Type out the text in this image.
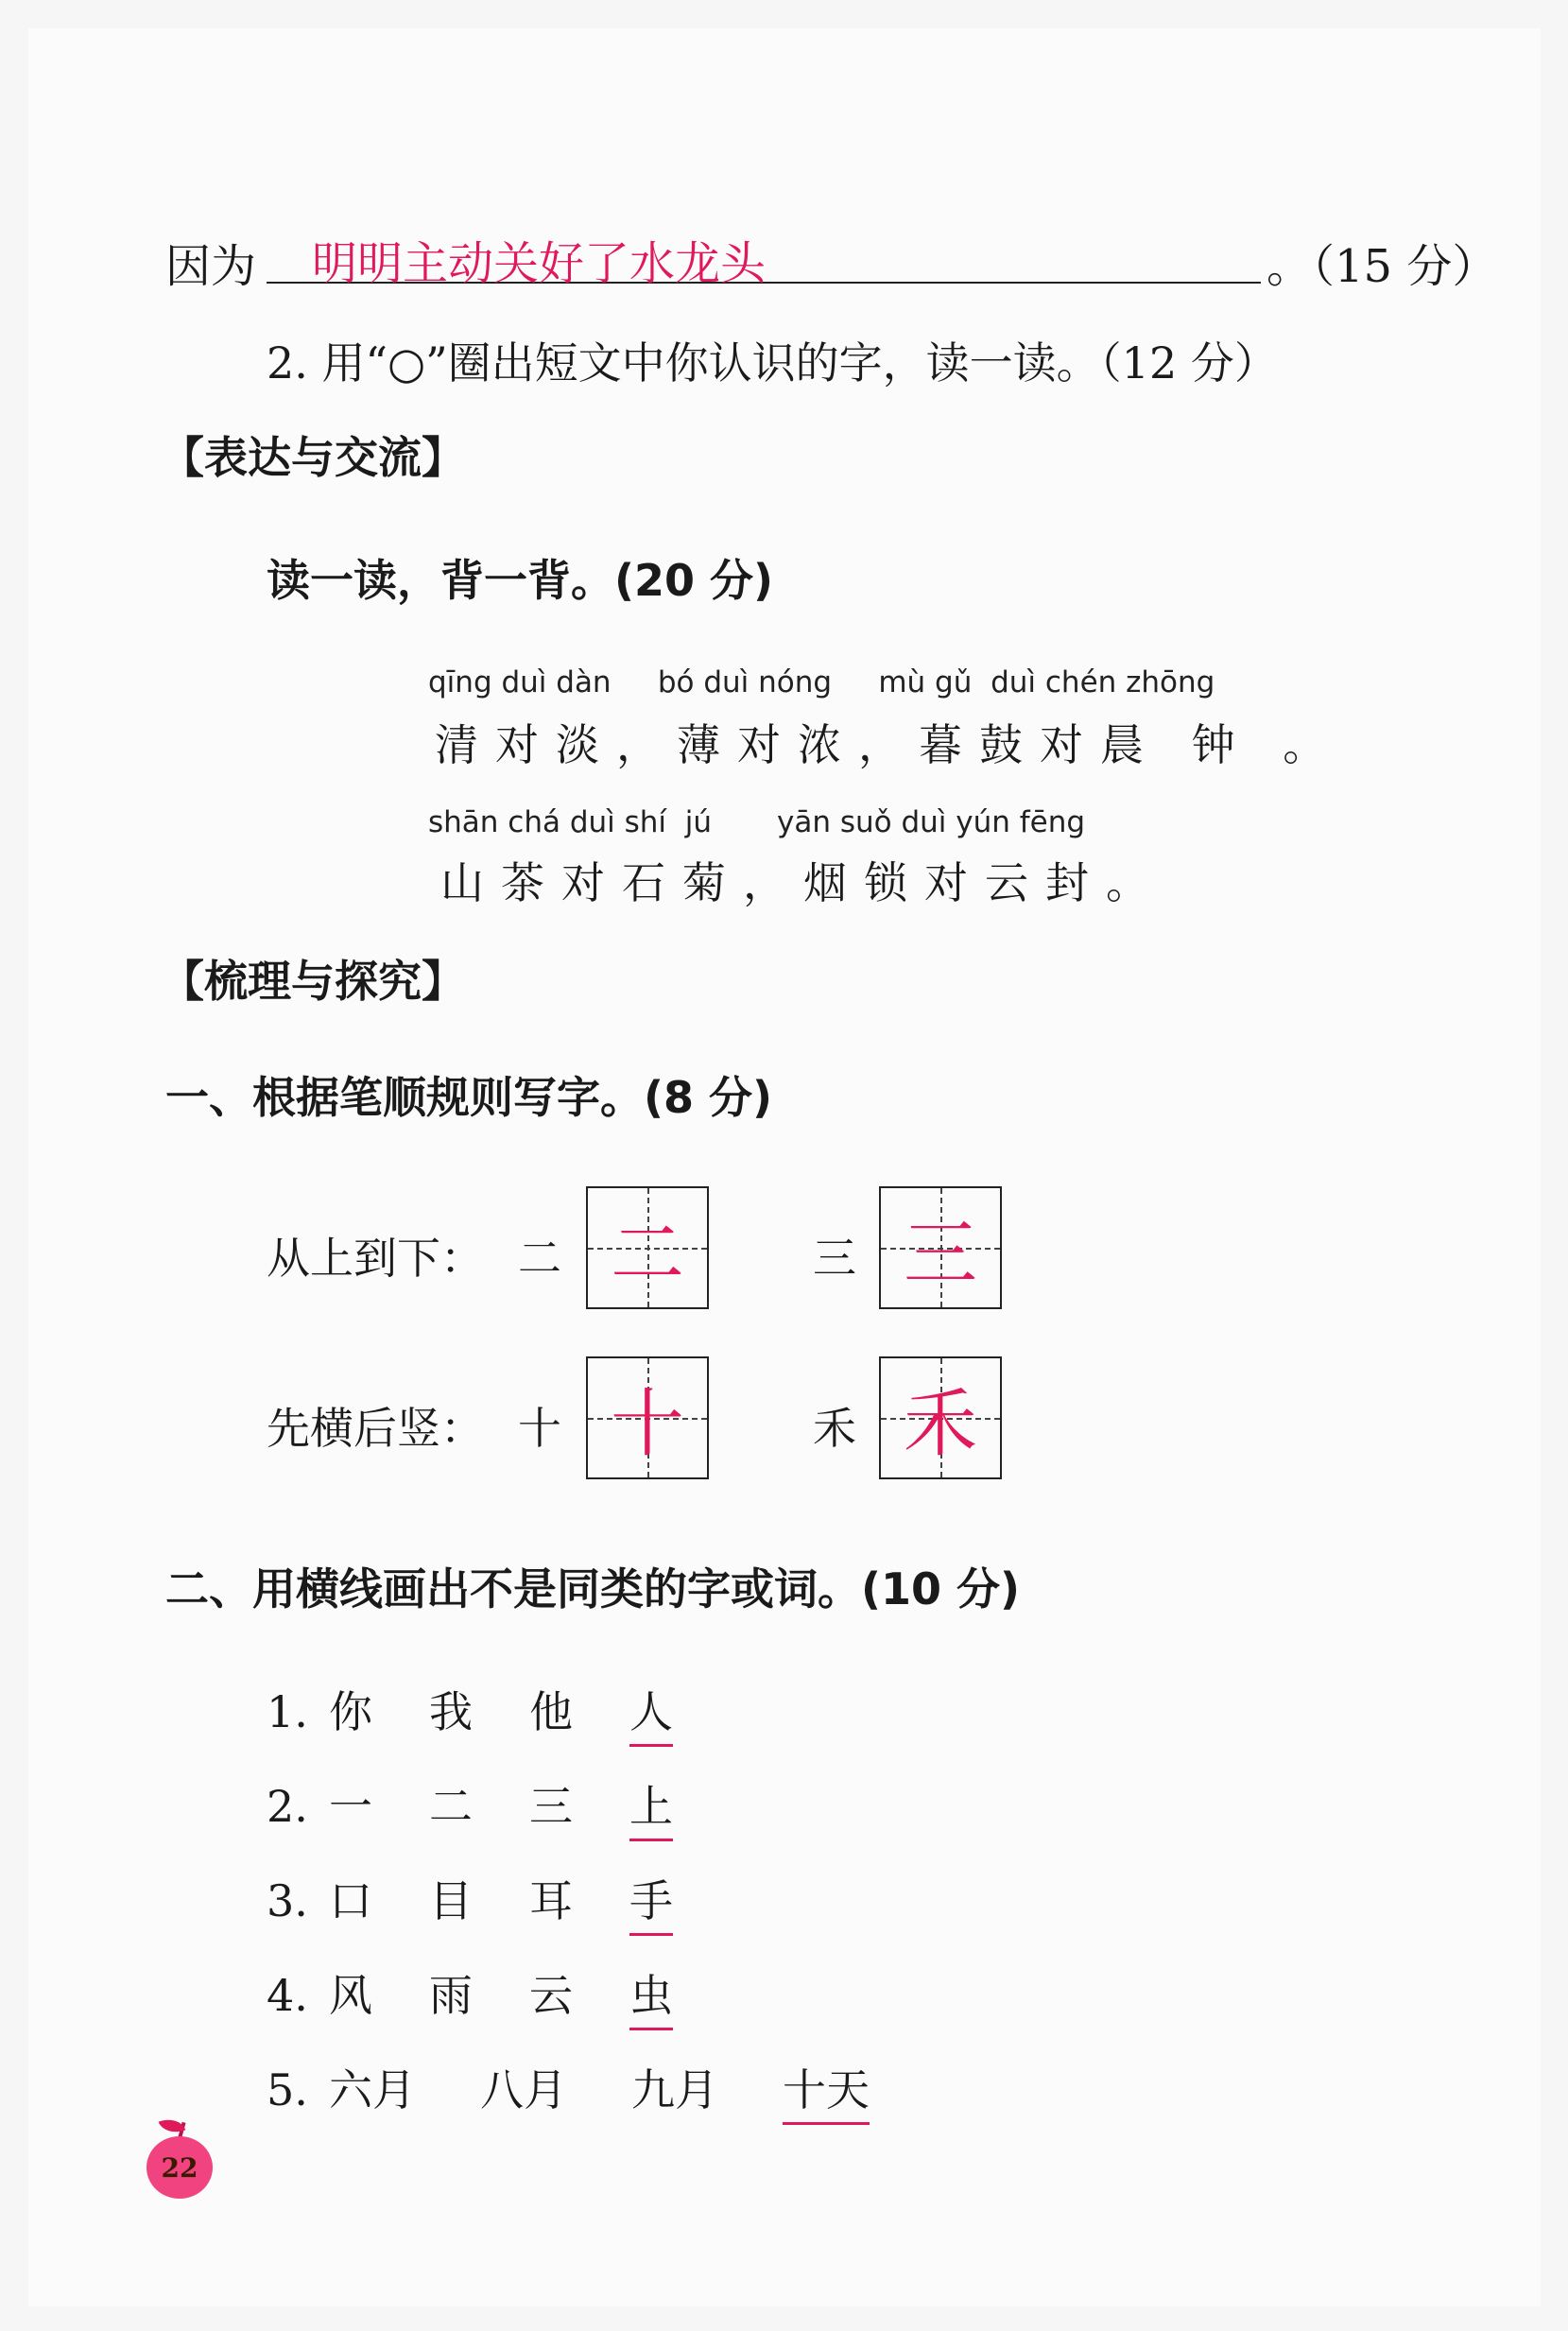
因为 明明主动关好了水龙头	。（15 分）
2. 用“○”圈出短文中你认识的字，读一读。（12 分）
【表达与交流】
读一读，背一背。(20 分)
qīng duì dàn     bó duì nóng     mù gǔ  duì chén zhōng
清对淡，薄对浓，暮鼓对晨 钟 。
shān chá duì shí  jú       yān suǒ duì yún fēng
山茶对石菊，烟锁对云封。
【梳理与探究】
一、根据笔顺规则写字。(8 分)
从上到下： 二 二	三 三
先横后竖： 十 十	禾 禾
二、用横线画出不是同类的字或词。(10 分)
1. 你 我 他 人
2. 一 二 三 上
3. 口 目 耳 手
4. 风 雨 云 虫
5. 六月 八月 九月 十天
22
